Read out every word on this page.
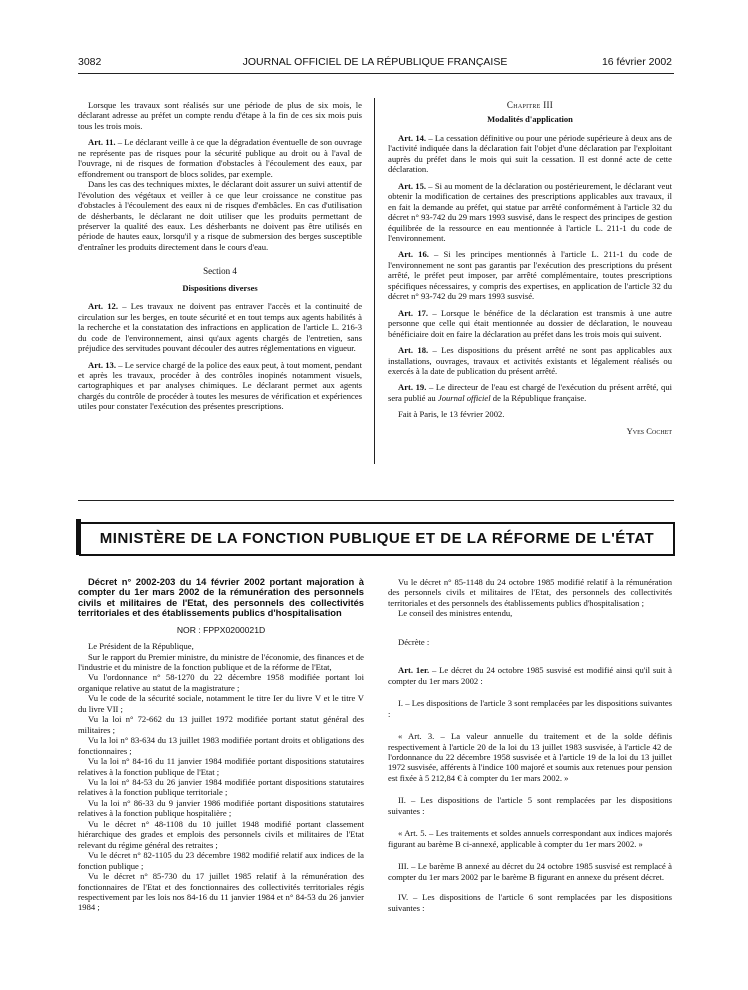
3082	JOURNAL OFFICIEL DE LA RÉPUBLIQUE FRANÇAISE	16 février 2002

Lorsque les travaux sont réalisés sur une période de plus de six mois, le déclarant adresse au préfet un compte rendu d'étape à la fin de ces six mois puis tous les trois mois.

Art. 11. – Le déclarant veille à ce que la dégradation éventuelle de son ouvrage ne représente pas de risques pour la sécurité publique au droit ou à l'aval de l'ouvrage, ni de risques de formation d'obstacles à l'écoulement des eaux, par effondrement ou transport de blocs solides, par exemple.

Dans les cas des techniques mixtes, le déclarant doit assurer un suivi attentif de l'évolution des végétaux et veiller à ce que leur croissance ne constitue pas d'obstacles à l'écoulement des eaux ni de risques d'embâcles. En cas d'utilisation de désherbants, le déclarant ne doit utiliser que les produits permettant de préserver la qualité des eaux. Les désherbants ne doivent pas être utilisés en période de hautes eaux, lorsqu'il y a risque de submersion des berges susceptible d'entraîner les produits directement dans le cours d'eau.

Section 4
Dispositions diverses

Art. 12. – Les travaux ne doivent pas entraver l'accès et la continuité de circulation sur les berges, en toute sécurité et en tout temps aux agents habilités à la recherche et la constatation des infractions en application de l'article L. 216-3 du code de l'environnement, ainsi qu'aux agents chargés de l'entretien, sans préjudice des servitudes pouvant découler des autres réglementations en vigueur.

Art. 13. – Le service chargé de la police des eaux peut, à tout moment, pendant et après les travaux, procéder à des contrôles inopinés notamment visuels, cartographiques et par analyses chimiques. Le déclarant permet aux agents chargés du contrôle de procéder à toutes les mesures de vérification et expériences utiles pour constater l'exécution des présentes prescriptions.

Chapitre III
Modalités d'application

Art. 14. – La cessation définitive ou pour une période supérieure à deux ans de l'activité indiquée dans la déclaration fait l'objet d'une déclaration par l'exploitant auprès du préfet dans le mois qui suit la cessation. Il est donné acte de cette déclaration.

Art. 15. – Si au moment de la déclaration ou postérieurement, le déclarant veut obtenir la modification de certaines des prescriptions applicables aux travaux, il en fait la demande au préfet, qui statue par arrêté conformément à l'article 32 du décret n° 93-742 du 29 mars 1993 susvisé, dans le respect des principes de gestion équilibrée de la ressource en eau mentionnée à l'article L. 211-1 du code de l'environnement.

Art. 16. – Si les principes mentionnés à l'article L. 211-1 du code de l'environnement ne sont pas garantis par l'exécution des prescriptions du présent arrêté, le préfet peut imposer, par arrêté complémentaire, toutes prescriptions spécifiques nécessaires, y compris des expertises, en application de l'article 32 du décret n° 93-742 du 29 mars 1993 susvisé.

Art. 17. – Lorsque le bénéfice de la déclaration est transmis à une autre personne que celle qui était mentionnée au dossier de déclaration, le nouveau bénéficiaire doit en faire la déclaration au préfet dans les trois mois qui suivent.

Art. 18. – Les dispositions du présent arrêté ne sont pas applicables aux installations, ouvrages, travaux et activités existants et légalement réalisés ou exercés à la date de publication du présent arrêté.

Art. 19. – Le directeur de l'eau est chargé de l'exécution du présent arrêté, qui sera publié au Journal officiel de la République française.

Fait à Paris, le 13 février 2002.

Yves Cochet

MINISTÈRE DE LA FONCTION PUBLIQUE ET DE LA RÉFORME DE L'ÉTAT

Décret n° 2002-203 du 14 février 2002 portant majoration à compter du 1er mars 2002 de la rémunération des personnels civils et militaires de l'Etat, des personnels des collectivités territoriales et des établissements publics d'hospitalisation

NOR : FPPX0200021D

Le Président de la République,

Sur le rapport du Premier ministre, du ministre de l'économie, des finances et de l'industrie et du ministre de la fonction publique et de la réforme de l'Etat,

Vu l'ordonnance n° 58-1270 du 22 décembre 1958 modifiée portant loi organique relative au statut de la magistrature ;

Vu le code de la sécurité sociale, notamment le titre Ier du livre V et le titre V du livre VII ;

Vu la loi n° 72-662 du 13 juillet 1972 modifiée portant statut général des militaires ;

Vu la loi n° 83-634 du 13 juillet 1983 modifiée portant droits et obligations des fonctionnaires ;

Vu la loi n° 84-16 du 11 janvier 1984 modifiée portant dispositions statutaires relatives à la fonction publique de l'Etat ;

Vu la loi n° 84-53 du 26 janvier 1984 modifiée portant dispositions statutaires relatives à la fonction publique territoriale ;

Vu la loi n° 86-33 du 9 janvier 1986 modifiée portant dispositions statutaires relatives à la fonction publique hospitalière ;

Vu le décret n° 48-1108 du 10 juillet 1948 modifié portant classement hiérarchique des grades et emplois des personnels civils et militaires de l'Etat relevant du régime général des retraites ;

Vu le décret n° 82-1105 du 23 décembre 1982 modifié relatif aux indices de la fonction publique ;

Vu le décret n° 85-730 du 17 juillet 1985 relatif à la rémunération des fonctionnaires de l'Etat et des fonctionnaires des collectivités territoriales régis respectivement par les lois nos 84-16 du 11 janvier 1984 et n° 84-53 du 26 janvier 1984 ;

Vu le décret n° 85-1148 du 24 octobre 1985 modifié relatif à la rémunération des personnels civils et militaires de l'Etat, des personnels des collectivités territoriales et des personnels des établissements publics d'hospitalisation ;

Le conseil des ministres entendu,

Décrète :

Art. 1er. – Le décret du 24 octobre 1985 susvisé est modifié ainsi qu'il suit à compter du 1er mars 2002 :

I. – Les dispositions de l'article 3 sont remplacées par les dispositions suivantes :

« Art. 3. – La valeur annuelle du traitement et de la solde définis respectivement à l'article 20 de la loi du 13 juillet 1983 susvisée, à l'article 42 de l'ordonnance du 22 décembre 1958 susvisée et à l'article 19 de la loi du 13 juillet 1972 susvisée, afférents à l'indice 100 majoré et soumis aux retenues pour pension est fixée à 5 212,84 € à compter du 1er mars 2002. »

II. – Les dispositions de l'article 5 sont remplacées par les dispositions suivantes :

« Art. 5. – Les traitements et soldes annuels correspondant aux indices majorés figurant au barème B ci-annexé, applicable à compter du 1er mars 2002. »

III. – Le barème B annexé au décret du 24 octobre 1985 susvisé est remplacé à compter du 1er mars 2002 par le barème B figurant en annexe du présent décret.

IV. – Les dispositions de l'article 6 sont remplacées par les dispositions suivantes :
